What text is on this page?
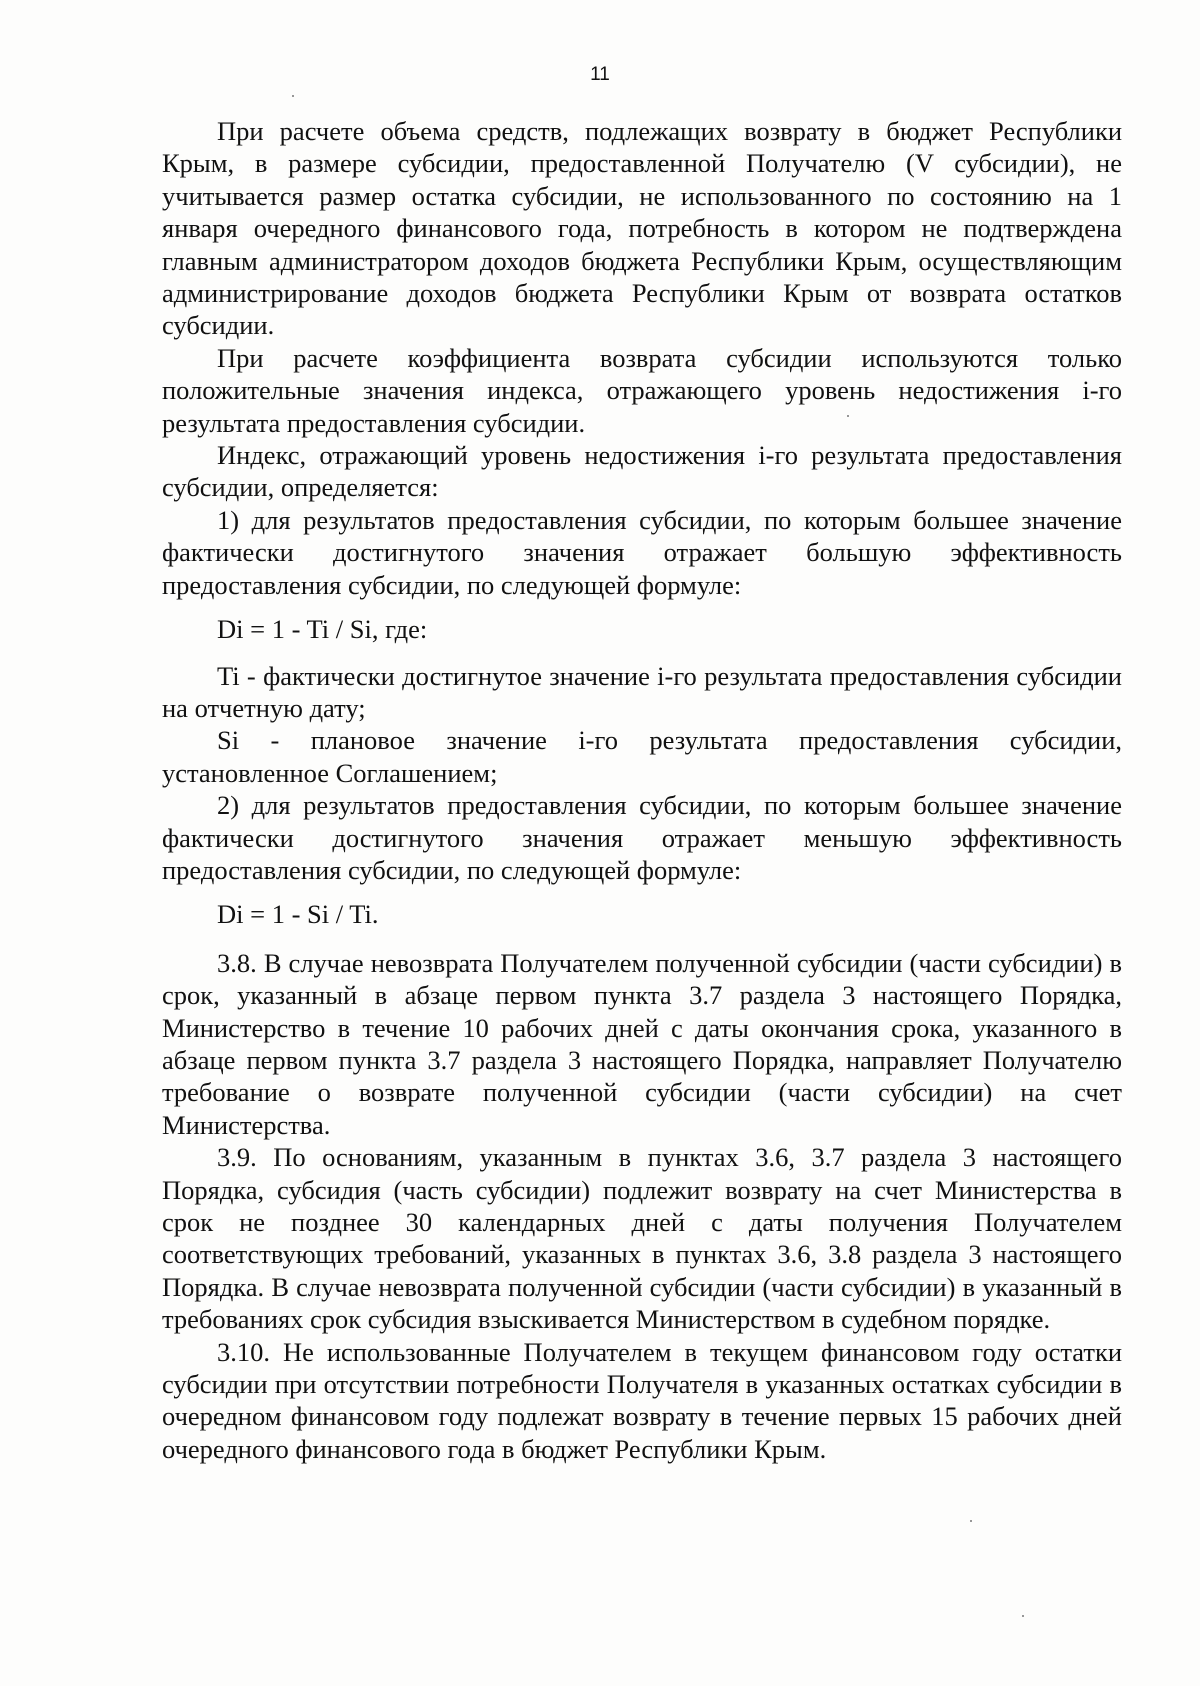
11

При расчете объема средств, подлежащих возврату в бюджет Республики Крым, в размере субсидии, предоставленной Получателю (V субсидии), не учитывается размер остатка субсидии, не использованного по состоянию на 1 января очередного финансового года, потребность в котором не подтверждена главным администратором доходов бюджета Республики Крым, осуществляющим администрирование доходов бюджета Республики Крым от возврата остатков субсидии.

При расчете коэффициента возврата субсидии используются только положительные значения индекса, отражающего уровень недостижения i-го результата предоставления субсидии.

Индекс, отражающий уровень недостижения i-го результата предоставления субсидии, определяется:

1) для результатов предоставления субсидии, по которым большее значение фактически достигнутого значения отражает большую эффективность предоставления субсидии, по следующей формуле:

Di = 1 - Ti / Si, где:

Ti - фактически достигнутое значение i-го результата предоставления субсидии на отчетную дату;

Si - плановое значение i-го результата предоставления субсидии, установленное Соглашением;

2) для результатов предоставления субсидии, по которым большее значение фактически достигнутого значения отражает меньшую эффективность предоставления субсидии, по следующей формуле:

Di = 1 - Si / Ti.

3.8. В случае невозврата Получателем полученной субсидии (части субсидии) в срок, указанный в абзаце первом пункта 3.7 раздела 3 настоящего Порядка, Министерство в течение 10 рабочих дней с даты окончания срока, указанного в абзаце первом пункта 3.7 раздела 3 настоящего Порядка, направляет Получателю требование о возврате полученной субсидии (части субсидии) на счет Министерства.

3.9. По основаниям, указанным в пунктах 3.6, 3.7 раздела 3 настоящего Порядка, субсидия (часть субсидии) подлежит возврату на счет Министерства в срок не позднее 30 календарных дней с даты получения Получателем соответствующих требований, указанных в пунктах 3.6, 3.8 раздела 3 настоящего Порядка. В случае невозврата полученной субсидии (части субсидии) в указанный в требованиях срок субсидия взыскивается Министерством в судебном порядке.

3.10. Не использованные Получателем в текущем финансовом году остатки субсидии при отсутствии потребности Получателя в указанных остатках субсидии в очередном финансовом году подлежат возврату в течение первых 15 рабочих дней очередного финансового года в бюджет Республики Крым.
